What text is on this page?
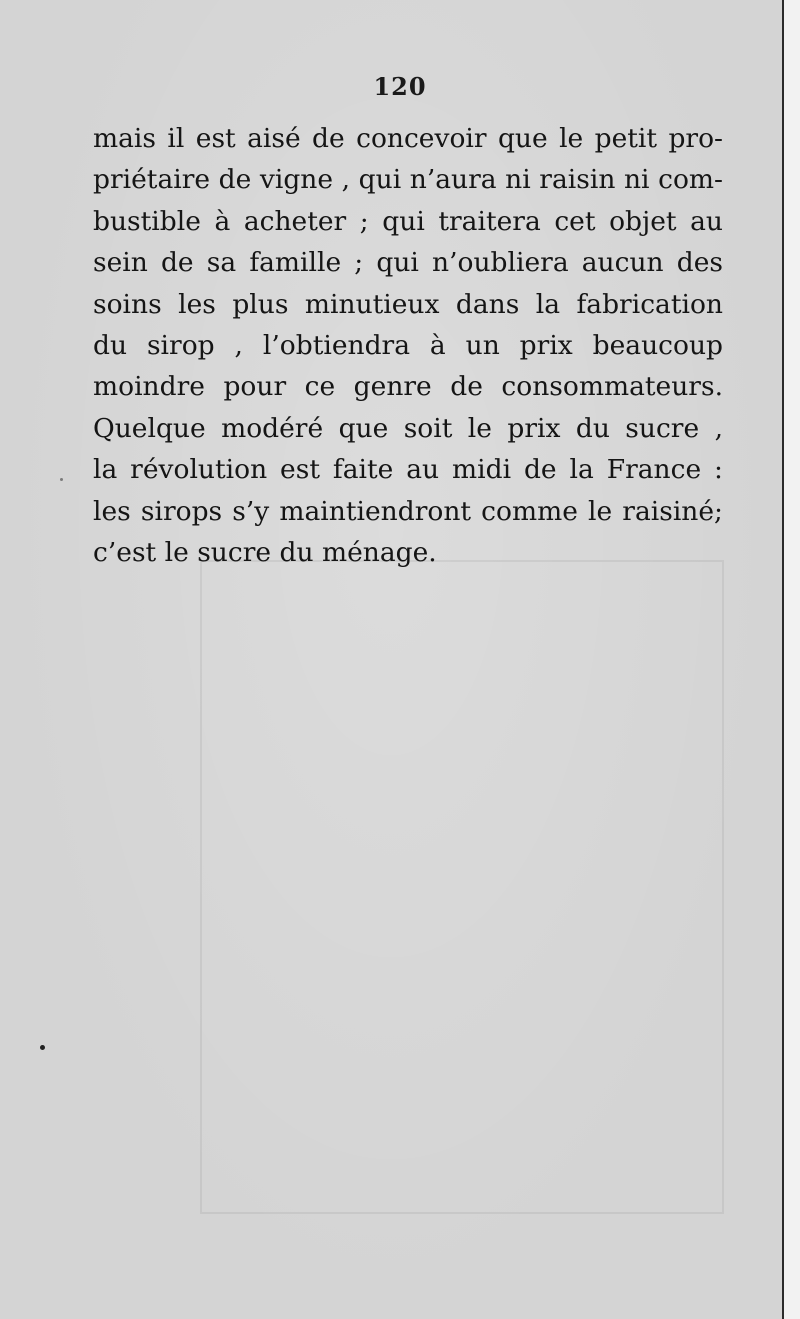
120
mais il est aisé de concevoir que le petit pro-
priétaire de vigne , qui n’aura ni raisin ni com-
bustible à acheter ; qui traitera cet objet au
sein de sa famille ; qui n’oubliera aucun des
soins les plus minutieux dans la fabrication
du sirop , l’obtiendra à un prix beaucoup
moindre pour ce genre de consommateurs.
Quelque modéré que soit le prix du sucre ,
la révolution est faite au midi de la France :
les sirops s’y maintiendront comme le raisiné;
c’est le sucre du ménage.
